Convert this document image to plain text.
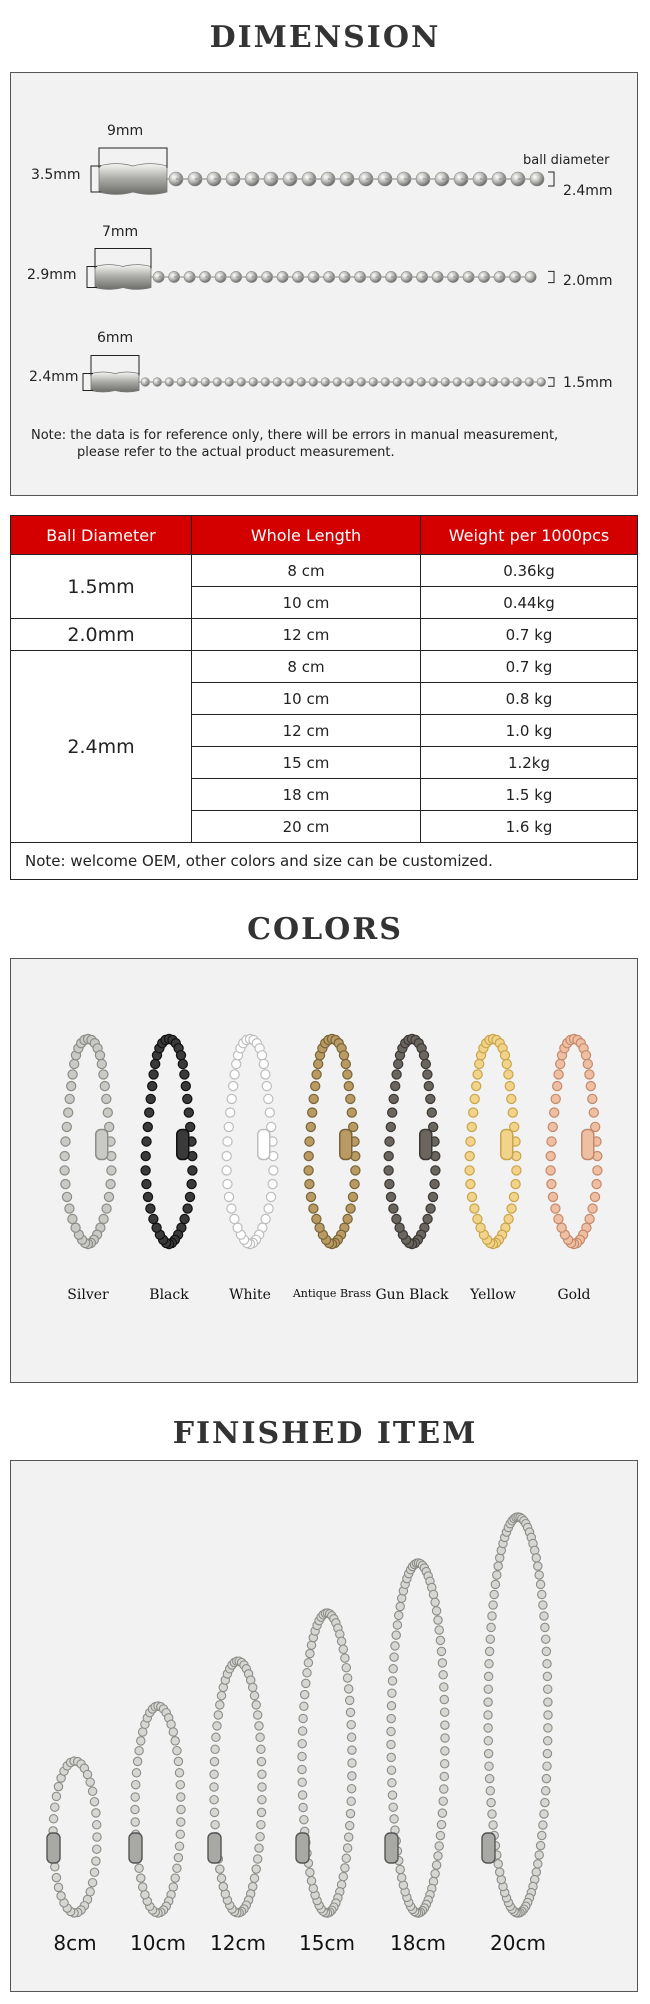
DIMENSION
9mm
3.5mm
ball diameter
2.4mm
7mm
2.9mm	2.0mm
6mm
2.4mm	1.5mm
Note: the data is for reference only, there will be errors in manual measurement,
please refer to the actual product measurement.
Ball Diameter	Whole Length	Weight per 1000pcs
1.5mm	8 cm	0.36kg
	10 cm	0.44kg
2.0mm	12 cm	0.7 kg
2.4mm	8 cm	0.7 kg
	10 cm	0.8 kg
	12 cm	1.0 kg
	15 cm	1.2kg
	18 cm	1.5 kg
	20 cm	1.6 kg
Note: welcome OEM, other colors and size can be customized.		
COLORS
Silver	Black	White	Antique Brass Gun Black	Yellow	Gold
FINISHED ITEM
8cm	10cm	12cm	15cm	18cm	20cm
